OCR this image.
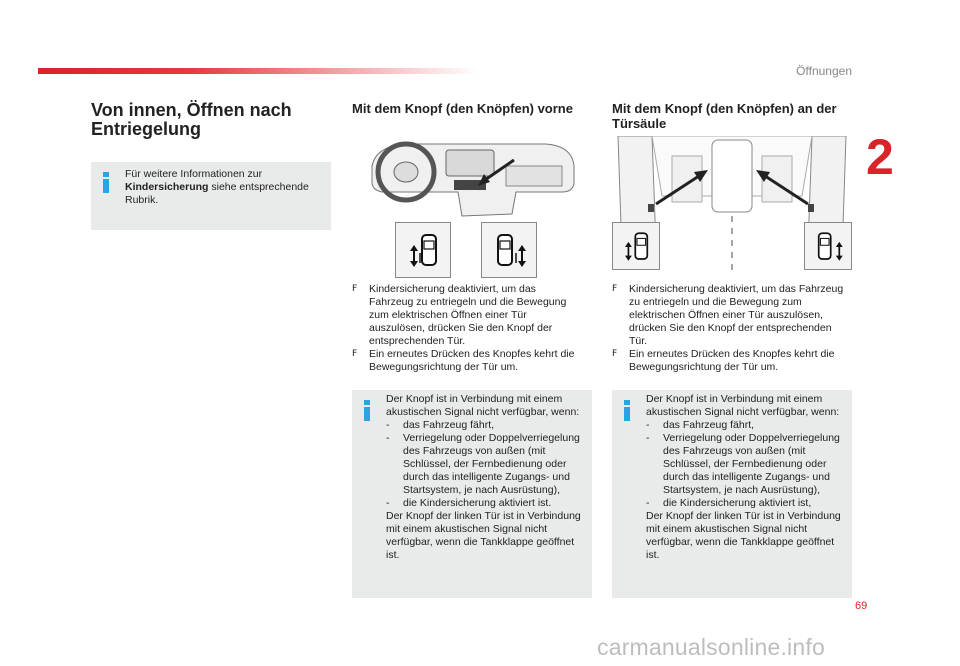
Öffnungen
2
69
carmanualsonline.info
Von innen, Öffnen nach Entriegelung
Für weitere Informationen zur Kindersicherung siehe entsprechende Rubrik.
Mit dem Knopf (den Knöpfen) vorne
F	Kindersicherung deaktiviert, um das Fahrzeug zu entriegeln und die Bewegung zum elektrischen Öffnen einer Tür auszulösen, drücken Sie den Knopf der entsprechenden Tür.
F	Ein erneutes Drücken des Knopfes kehrt die Bewegungsrichtung der Tür um.
Der Knopf ist in Verbindung mit einem akustischen Signal nicht verfügbar, wenn:
-	das Fahrzeug fährt,
-	Verriegelung oder Doppelverriegelung des Fahrzeugs von außen (mit Schlüssel, der Fernbedienung oder durch das intelligente Zugangs- und Startsystem, je nach Ausrüstung),
-	die Kindersicherung aktiviert ist.
Der Knopf der linken Tür ist in Verbindung mit einem akustischen Signal nicht verfügbar, wenn die Tankklappe geöffnet ist.
Mit dem Knopf (den Knöpfen) an der Türsäule
F	Kindersicherung deaktiviert, um das Fahrzeug zu entriegeln und die Bewegung zum elektrischen Öffnen einer Tür auszulösen, drücken Sie den Knopf der entsprechenden Tür.
F	Ein erneutes Drücken des Knopfes kehrt die Bewegungsrichtung der Tür um.
Der Knopf ist in Verbindung mit einem akustischen Signal nicht verfügbar, wenn:
-	das Fahrzeug fährt,
-	Verriegelung oder Doppelverriegelung des Fahrzeugs von außen (mit Schlüssel, der Fernbedienung oder durch das intelligente Zugangs- und Startsystem, je nach Ausrüstung),
-	die Kindersicherung aktiviert ist,
Der Knopf der linken Tür ist in Verbindung mit einem akustischen Signal nicht verfügbar, wenn die Tankklappe geöffnet ist.
